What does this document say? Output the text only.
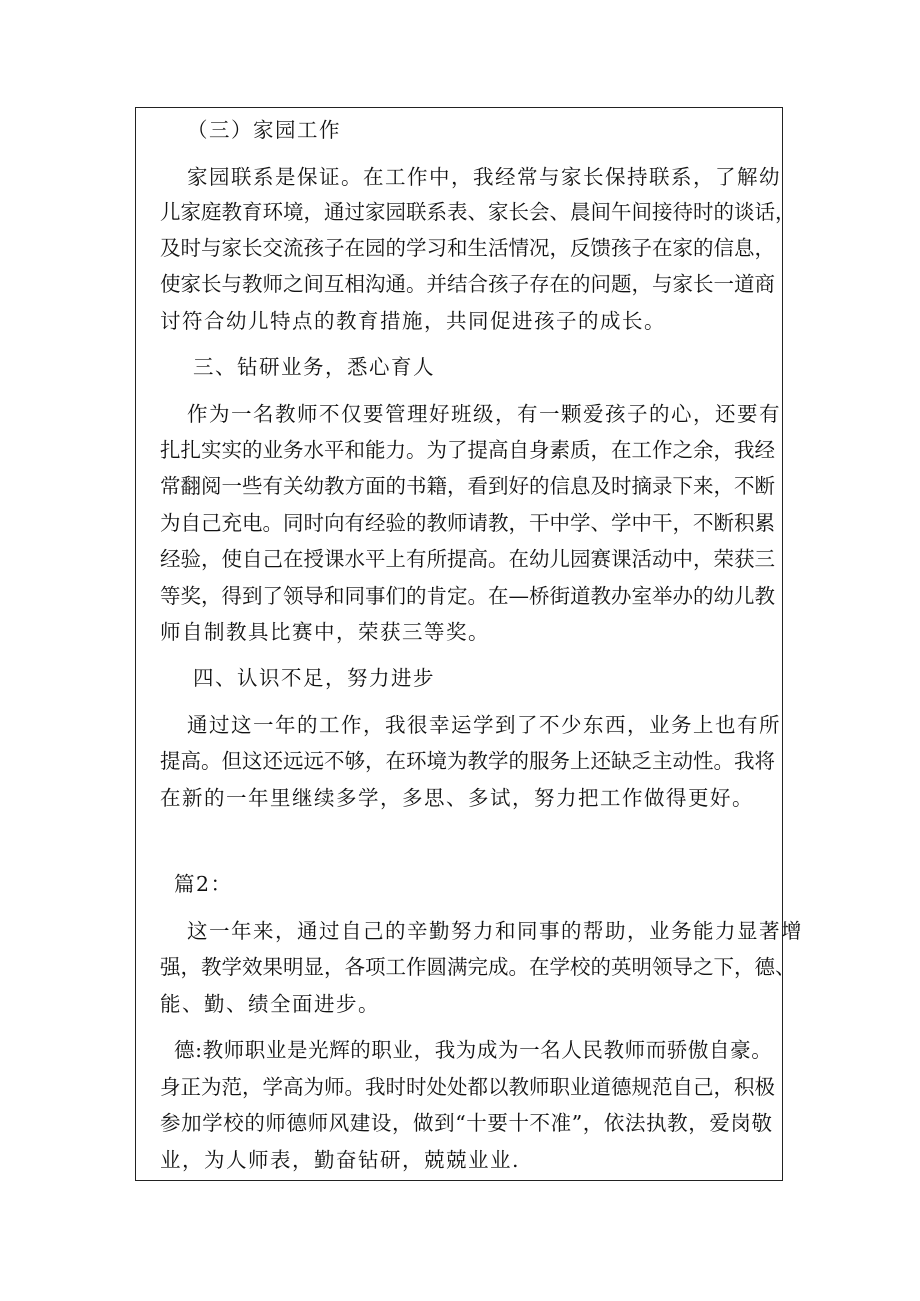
（三）家园工作
家园联系是保证。在工作中，我经常与家长保持联系，了解幼
儿家庭教育环境，通过家园联系表、家长会、晨间午间接待时的谈话，
及时与家长交流孩子在园的学习和生活情况，反馈孩子在家的信息，
使家长与教师之间互相沟通。并结合孩子存在的问题，与家长一道商
讨符合幼儿特点的教育措施，共同促进孩子的成长。
三、钻研业务，悉心育人
作为一名教师不仅要管理好班级，有一颗爱孩子的心，还要有
扎扎实实的业务水平和能力。为了提高自身素质，在工作之余，我经
常翻阅一些有关幼教方面的书籍，看到好的信息及时摘录下来，不断
为自己充电。同时向有经验的教师请教，干中学、学中干，不断积累
经验，使自己在授课水平上有所提高。在幼儿园赛课活动中，荣获三
等奖，得到了领导和同事们的肯定。在—桥街道教办室举办的幼儿教
师自制教具比赛中，荣获三等奖。
四、认识不足，努力进步
通过这一年的工作，我很幸运学到了不少东西，业务上也有所
提高。但这还远远不够，在环境为教学的服务上还缺乏主动性。我将
在新的一年里继续多学，多思、多试，努力把工作做得更好。
篇2：
这一年来，通过自己的辛勤努力和同事的帮助，业务能力显著增
强，教学效果明显，各项工作圆满完成。在学校的英明领导之下，德、
能、勤、绩全面进步。
德:教师职业是光辉的职业，我为成为一名人民教师而骄傲自豪。
身正为范，学高为师。我时时处处都以教师职业道德规范自己，积极
参加学校的师德师风建设，做到“十要十不准”，依法执教，爱岗敬
业，为人师表，勤奋钻研，兢兢业业.
